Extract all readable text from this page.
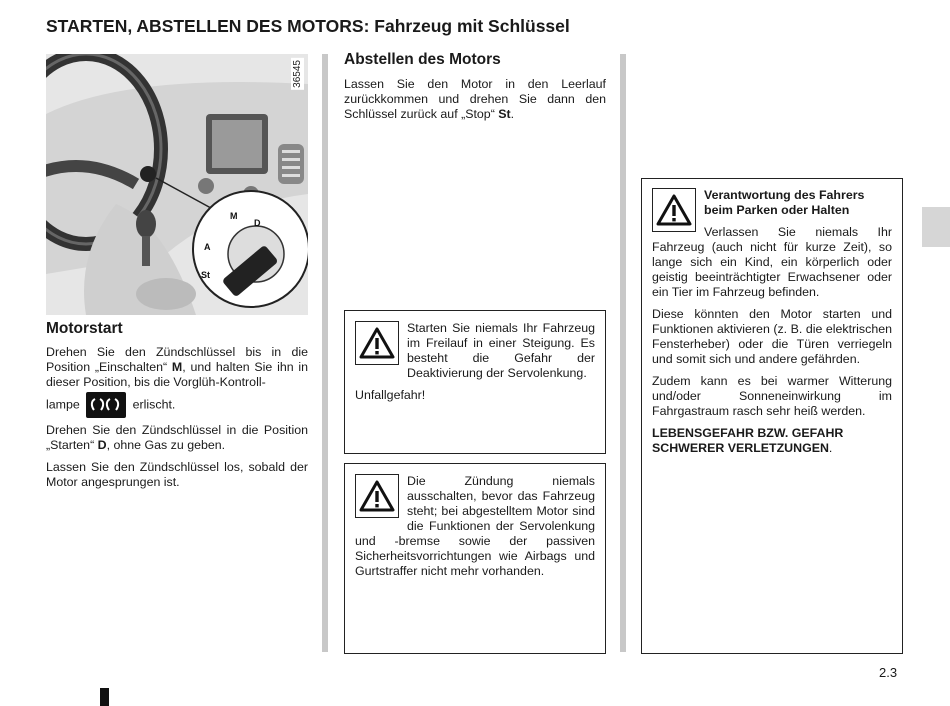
STARTEN, ABSTELLEN DES MOTORS: Fahrzeug mit Schlüssel
M
A
St
D
36545
Motorstart

Drehen Sie den Zündschlüssel bis in die Position „Einschalten“ M, und halten Sie ihn in dieser Position, bis die Vorglüh-Kontroll-

lampe	erlischt.

Drehen Sie den Zündschlüssel in die Position „Starten“ D, ohne Gas zu geben.

Lassen Sie den Zündschlüssel los, sobald der Motor angesprungen ist.

Abstellen des Motors

Lassen Sie den Motor in den Leerlauf zurückkommen und drehen Sie dann den Schlüssel zurück auf „Stop“ St.

Starten Sie niemals Ihr Fahrzeug im Freilauf in einer Steigung. Es besteht die Gefahr der Deaktivierung der Servolenkung.

Unfallgefahr!

Die Zündung niemals ausschalten, bevor das Fahrzeug steht; bei abgestelltem Motor sind die Funktionen der Servolenkung und -bremse sowie der passiven Sicherheitsvorrichtungen wie Airbags und Gurtstraffer nicht mehr vorhanden.

Verantwortung des Fahrers beim Parken oder Halten

Verlassen Sie niemals Ihr Fahrzeug (auch nicht für kurze Zeit), so lange sich ein Kind, ein körperlich oder geistig beeinträchtigter Erwachsener oder ein Tier im Fahrzeug befinden.

Diese könnten den Motor starten und Funktionen aktivieren (z. B. die elektrischen Fensterheber) oder die Türen verriegeln und somit sich und andere gefährden.

Zudem kann es bei warmer Witterung und/oder Sonneneinwirkung im Fahrgastraum rasch sehr heiß werden.

LEBENSGEFAHR BZW. GEFAHR SCHWERER VERLETZUNGEN.

2.3
